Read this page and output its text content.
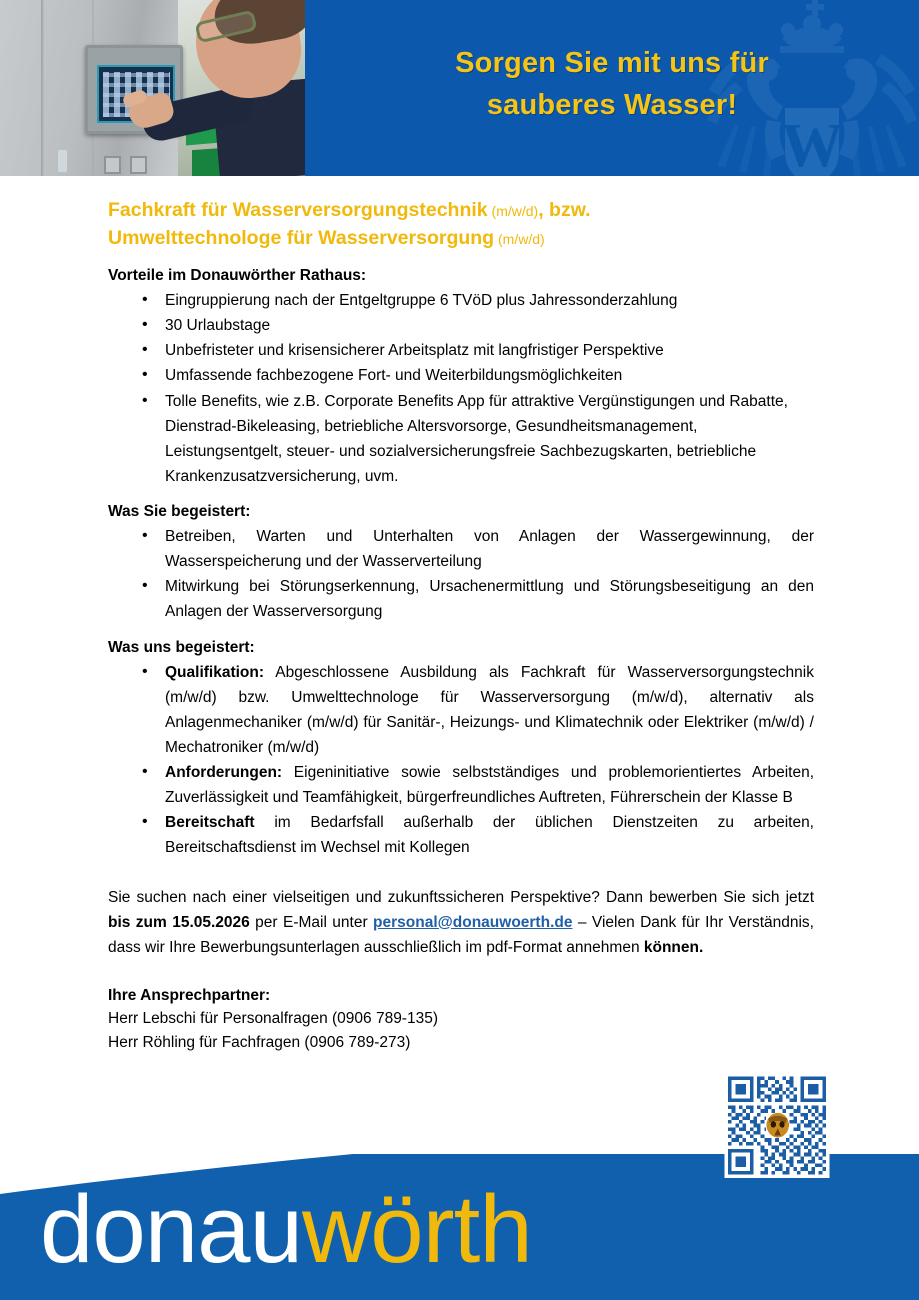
W
Sorgen Sie mit uns für
sauberes Wasser!
Fachkraft für Wasserversorgungstechnik (m/w/d), bzw.
Umwelttechnologe für Wasserversorgung (m/w/d)
Vorteile im Donauwörther Rathaus:
• Eingruppierung nach der Entgeltgruppe 6 TVöD plus Jahressonderzahlung
• 30 Urlaubstage
• Unbefristeter und krisensicherer Arbeitsplatz mit langfristiger Perspektive
• Umfassende fachbezogene Fort- und Weiterbildungsmöglichkeiten
• Tolle Benefits, wie z.B. Corporate Benefits App für attraktive Vergünstigungen und Rabatte, Dienstrad-Bikeleasing, betriebliche Altersvorsorge, Gesundheitsmanagement, Leistungsentgelt, steuer- und sozialversicherungsfreie Sachbezugskarten, betriebliche Krankenzusatzversicherung, uvm.
Was Sie begeistert:
• Betreiben, Warten und Unterhalten von Anlagen der Wassergewinnung, der Wasserspeicherung und der Wasserverteilung
• Mitwirkung bei Störungserkennung, Ursachenermittlung und Störungsbeseitigung an den Anlagen der Wasserversorgung
Was uns begeistert:
• Qualifikation: Abgeschlossene Ausbildung als Fachkraft für Wasserversorgungstechnik (m/w/d) bzw. Umwelttechnologe für Wasserversorgung (m/w/d), alternativ als Anlagenmechaniker (m/w/d) für Sanitär-, Heizungs- und Klimatechnik oder Elektriker (m/w/d) / Mechatroniker (m/w/d)
• Anforderungen: Eigeninitiative sowie selbstständiges und problemorientiertes Arbeiten, Zuverlässigkeit und Teamfähigkeit, bürgerfreundliches Auftreten, Führerschein der Klasse B
• Bereitschaft im Bedarfsfall außerhalb der üblichen Dienstzeiten zu arbeiten, Bereitschaftsdienst im Wechsel mit Kollegen

Sie suchen nach einer vielseitigen und zukunftssicheren Perspektive? Dann bewerben Sie sich jetzt bis zum 15.05.2026 per E-Mail unter personal@donauwoerth.de – Vielen Dank für Ihr Verständnis, dass wir Ihre Bewerbungsunterlagen ausschließlich im pdf-Format annehmen können.

Ihre Ansprechpartner:
Herr Lebschi für Personalfragen (0906 789-135)
Herr Röhling für Fachfragen (0906 789-273)
donauwörth
